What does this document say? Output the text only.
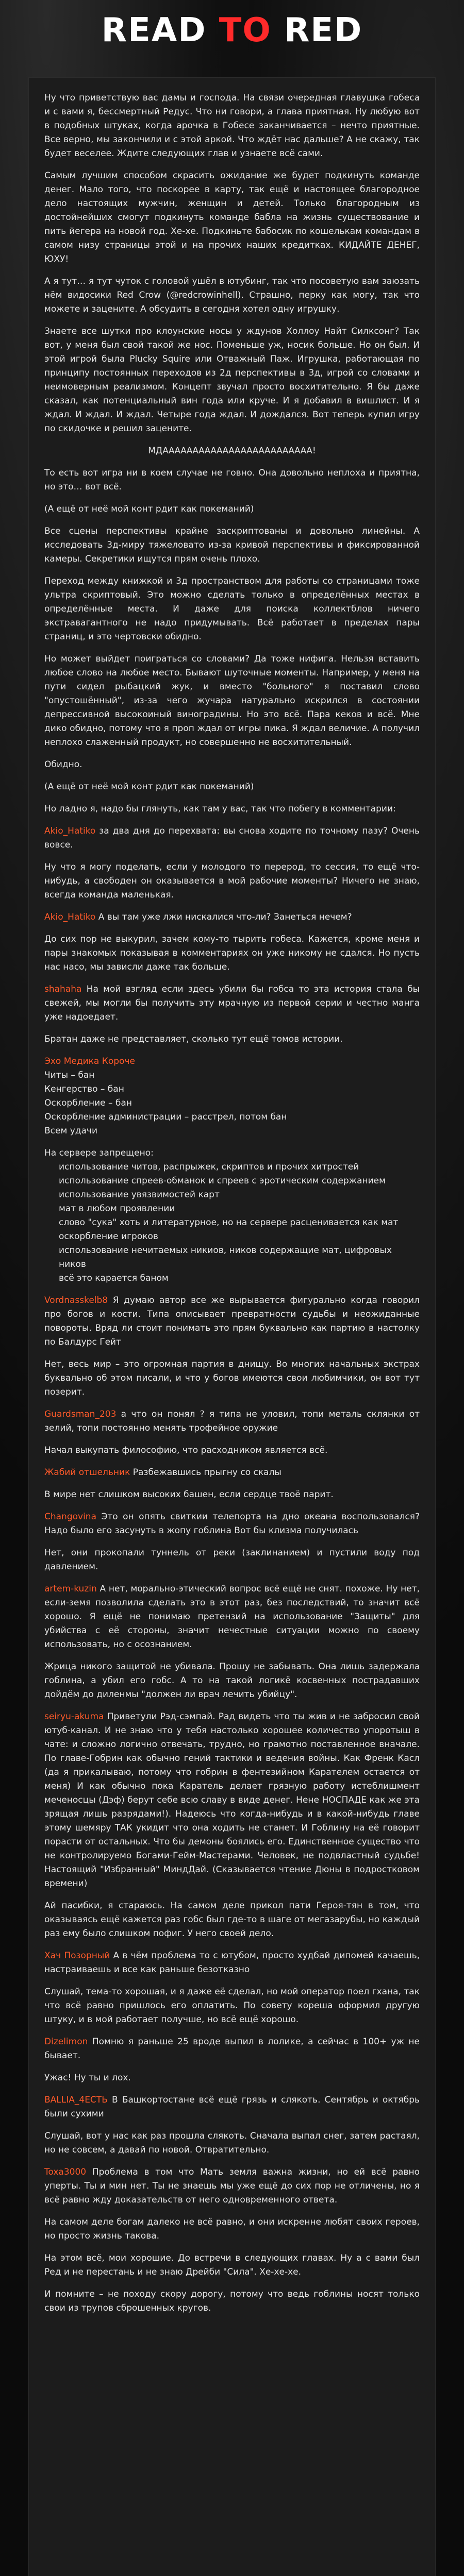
READ TO RED

Ну что приветствую вас дамы и господа. На связи очередная главушка гобеса и с вами я, бессмертный Редус. Что ни говори, а глава приятная. Ну любую вот в подобных штуках, когда арочка в Гобесе заканчивается – нечто приятные. Все верно, мы закончили и с этой аркой. Что ждёт нас дальше? А не скажу, так будет веселее. Ждите следующих глав и узнаете всё сами.

Самым лучшим способом скрасить ожидание же будет подкинуть команде денег. Мало того, что поскорее в карту, так ещё и настоящее благородное дело настоящих мужчин, женщин и детей. Только благородным из достойнейших смогут подкинуть команде бабла на жизнь существование и пить йегера на новой год. Хе-хе. Подкиньте бабосик по кошелькам командам в самом низу страницы этой и на прочих наших кредитках. КИДАЙТЕ ДЕНЕГ, ЮХУ!

А я тут… я тут чуток с головой ушёл в ютубинг, так что посоветую вам заюзать нём видосики Red Crow (@redcrowinhell). Страшно, перку как могу, так что можете и зацените. А обсудить в сегодня хотел одну игрушку.

Знаете все шутки про клоунские носы у ждунов Холлоу Найт Силксонг? Так вот, у меня был свой такой же нос. Поменьше уж, носик больше. Но он был. И этой игрой была Plucky Squire или Отважный Паж. Игрушка, работающая по принципу постоянных переходов из 2д перспективы в 3д, игрой со словами и неимоверным реализмом. Концепт звучал просто восхитительно. Я бы даже сказал, как потенциальный вин года или круче. И я добавил в вишлист. И я ждал. И ждал. И ждал. Четыре года ждал. И дождался. Вот теперь купил игру по скидочке и решил зацените.

МДААААААААААААААААААААААААА!

То есть вот игра ни в коем случае не говно. Она довольно неплоха и приятна, но это… вот всё.

(А ещё от неё мой конт рдит как покеманий)

Все сцены перспективы крайне заскриптованы и довольно линейны. А исследовать 3д-миру тяжеловато из-за кривой перспективы и фиксированной камеры. Секретики ищутся прям очень плохо.

Переход между книжкой и 3д пространством для работы со страницами тоже ультра скриптовый. Это можно сделать только в определённых местах в определённые места. И даже для поиска коллектблов ничего экстравагантного не надо придумывать. Всё работает в пределах пары страниц, и это чертовски обидно.

Но может выйдет поиграться со словами? Да тоже нифига. Нельзя вставить любое слово на любое место. Бывают шуточные моменты. Например, у меня на пути сидел рыбацкий жук, и вместо "больного" я поставил слово "опустошённый", из-за чего жучара натурально искрился в состоянии депрессивной высокоиный виноградины. Но это всё. Пара кеков и всё. Мне дико обидно, потому что я проп ждал от игры пика. Я ждал величие. А получил неплохо слаженный продукт, но совершенно не восхитительный.

Обидно.

(А ещё от неё мой конт рдит как покеманий)

Но ладно я, надо бы глянуть, как там у вас, так что побегу в комментарии:

Akio_Hatiko за два дня до перехвата: вы снова ходите по точному пазу? Очень вовсе.

Ну что я могу поделать, если у молодого то перерод, то сессия, то ещё что-нибудь, а свободен он оказывается в мой рабочие моменты? Ничего не знаю, всегда команда маленькая.

Akio_Hatiko А вы там уже лжи нискалися что-ли? Занеться нечем?

До сих пор не выкурил, зачем кому-то тырить гобеса. Кажется, кроме меня и пары знакомых показывая в комментариях он уже никому не сдался. Но пусть нас насо, мы зависли даже так больше.

shahaha На мой взгляд если здесь убили бы гобса то эта история стала бы свежей, мы могли бы получить эту мрачную из первой серии и честно манга уже надоедает.

Братан даже не представляет, сколько тут ещё томов истории.

Эхо Медика Короче
Читы – бан
Кенгерство – бан
Оскорбление – бан
Оскорбление администрации – расстрел, потом бан
Всем удачи
На сервере запрещено:
использование читов, распрыжек, скриптов и прочих хитростей
использование спреев-обманок и спреев с эротическим содержанием
использование увязвимостей карт
мат в любом проявлении
слово "сука" хоть и литературное, но на сервере расценивается как мат
оскорбление игроков
использование нечитаемых никиов, ников содержащие мат, цифровых ников
всё это карается баном

Vordnasskelb8 Я думаю автор все же вырывается фигурально когда говорил про богов и кости. Типа описывает превратности судьбы и неожиданные повороты. Вряд ли стоит понимать это прям буквально как партию в настолку по Балдурс Гейт

Нет, весь мир – это огромная партия в днищу. Во многих начальных экстрах буквально об этом писали, и что у богов имеются свои любимчики, он вот тут позерит.

Guardsman_203 а что он понял ? я типа не уловил, топи металь склянки от зелий, топи постоянно менять трофейное оружие

Начал выкупать философию, что расходником является всё.

Жабий отшельник Разбежавшись прыгну со скалы

В мире нет слишком высоких башен, если сердце твоё парит.

Changovina Это он опять свиткии телепорта на дно океана воспользовался? Надо было его засунуть в жопу гоблина Вот бы клизма получилась

Нет, они прокопали туннель от реки (заклинанием) и пустили воду под давлением.

artem-kuzin А нет, морально-этический вопрос всё ещё не снят. похоже. Ну нет, если-земя позволила сделать это в этот раз, без последствий, то значит всё хорошо. Я ещё не понимаю претензий на использование "Защиты" для убийства с её стороны, значит нечестные ситуации можно по своему использовать, но с осознанием.

Жрица никого защитой не убивала. Прошу не забывать. Она лишь задержала гоблина, а убил его гобс. А то на такой логикё косвенных пострадавших дойдём до диленмы "должен ли врач лечить убийцу".

seiryu-akuma Приветули Рэд-сэмпай. Рад видеть что ты жив и не забросил свой ютуб-канал. И не знаю что у тебя настолько хорошее количество упоротыш в чате: и сложно логично отвечать, трудно, но грамотно поставленное вначале. По главе-Гобрин как обычно гений тактики и ведения войны. Как Френк Касл (да я прикалываю, потому что гобрин в фентезийном Карателем остается от меня) И как обычно пока Каратель делает грязную работу истеблишмент меченосцы (Дэф) берут себе всю славу в виде денег. Нене НОСПАДЕ как же эта зрящая лишь разрядами!). Надеюсь что когда-нибудь и в какой-нибудь главе этому шемяру ТАК укидит что она ходить не станет. И Гоблину на её говорит порасти от остальных. Что бы демоны боялись его. Единственное существо что не контролируемо Богами-Гейм-Мастерами. Человек, не подвластный судьбе! Настоящий "Избранный" МиндДай. (Сказывается чтение Дюны в подростковом времени)

Ай пасибки, я стараюсь. На самом деле прикол пати Героя-тян в том, что оказываясь ещё кажется раз гобс был где-то в шаге от мегазарубы, но каждый раз ему было слишком пофиг. У него своей дело.

Хач Позорный А в чём проблема то с ютубом, просто худбай дипомей качаешь, настраиваешь и все как раньше безотказно

Слушай, тема-то хорошая, и я даже её сделал, но мой оператор поел гхана, так что всё равно пришлось его оплатить. По совету кореша оформил другую штуку, и в мой работает получше, но всё ещё хорошо.

Dizelimon Помню я раньше 25 вроде выпил в лолике, а сейчас в 100+ уж не бывает.

Ужас! Ну ты и лох.

BALLIA_4ЕСТЬ В Башкортостане всё ещё грязь и слякоть. Сентябрь и октябрь были сухими

Слушай, вот у нас как раз прошла слякоть. Сначала выпал снег, затем растаял, но не совсем, а давай по новой. Отвратительно.

Toxa3000 Проблема в том что Мать земля важна жизни, но ей всё равно уперты. Ты и мин нет. Ты не знаешь мы уже ещё до сих пор не отличены, но я всё равно жду доказательств от него одновременного ответа.

На самом деле богам далеко не всё равно, и они искренне любят своих героев, но просто жизнь такова.

На этом всё, мои хорошие. До встречи в следующих главах. Ну а с вами был Ред и не перестань и не знаю Дрейби "Сила". Хе-хе-хе.

И помните – не походу скору дорогу, потому что ведь гоблины носят только свои из трупов сброшенных кругов.
